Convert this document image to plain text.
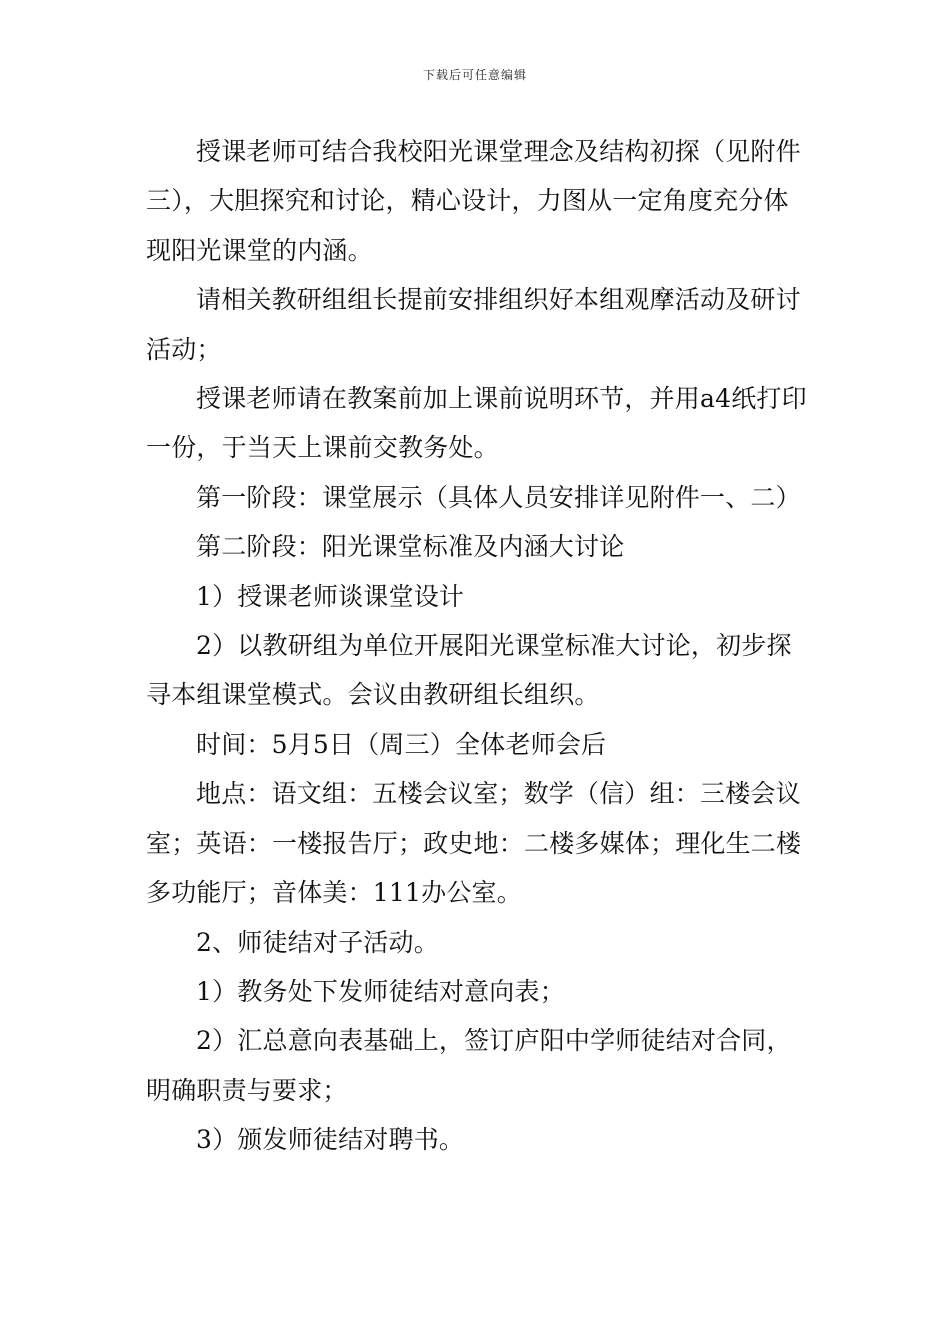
下载后可任意编辑

授课老师可结合我校阳光课堂理念及结构初探（见附件三），大胆探究和讨论，精心设计，力图从一定角度充分体现阳光课堂的内涵。

请相关教研组组长提前安排组织好本组观摩活动及研讨活动；

授课老师请在教案前加上课前说明环节，并用a4纸打印一份，于当天上课前交教务处。

第一阶段：课堂展示（具体人员安排详见附件一、二）

第二阶段：阳光课堂标准及内涵大讨论

1）授课老师谈课堂设计

2）以教研组为单位开展阳光课堂标准大讨论，初步探寻本组课堂模式。会议由教研组长组织。

时间：5月5日（周三）全体老师会后

地点：语文组：五楼会议室；数学（信）组：三楼会议室；英语：一楼报告厅；政史地：二楼多媒体；理化生二楼多功能厅；音体美：111办公室。

2、师徒结对子活动。

1）教务处下发师徒结对意向表；

2）汇总意向表基础上，签订庐阳中学师徒结对合同，明确职责与要求；

3）颁发师徒结对聘书。
